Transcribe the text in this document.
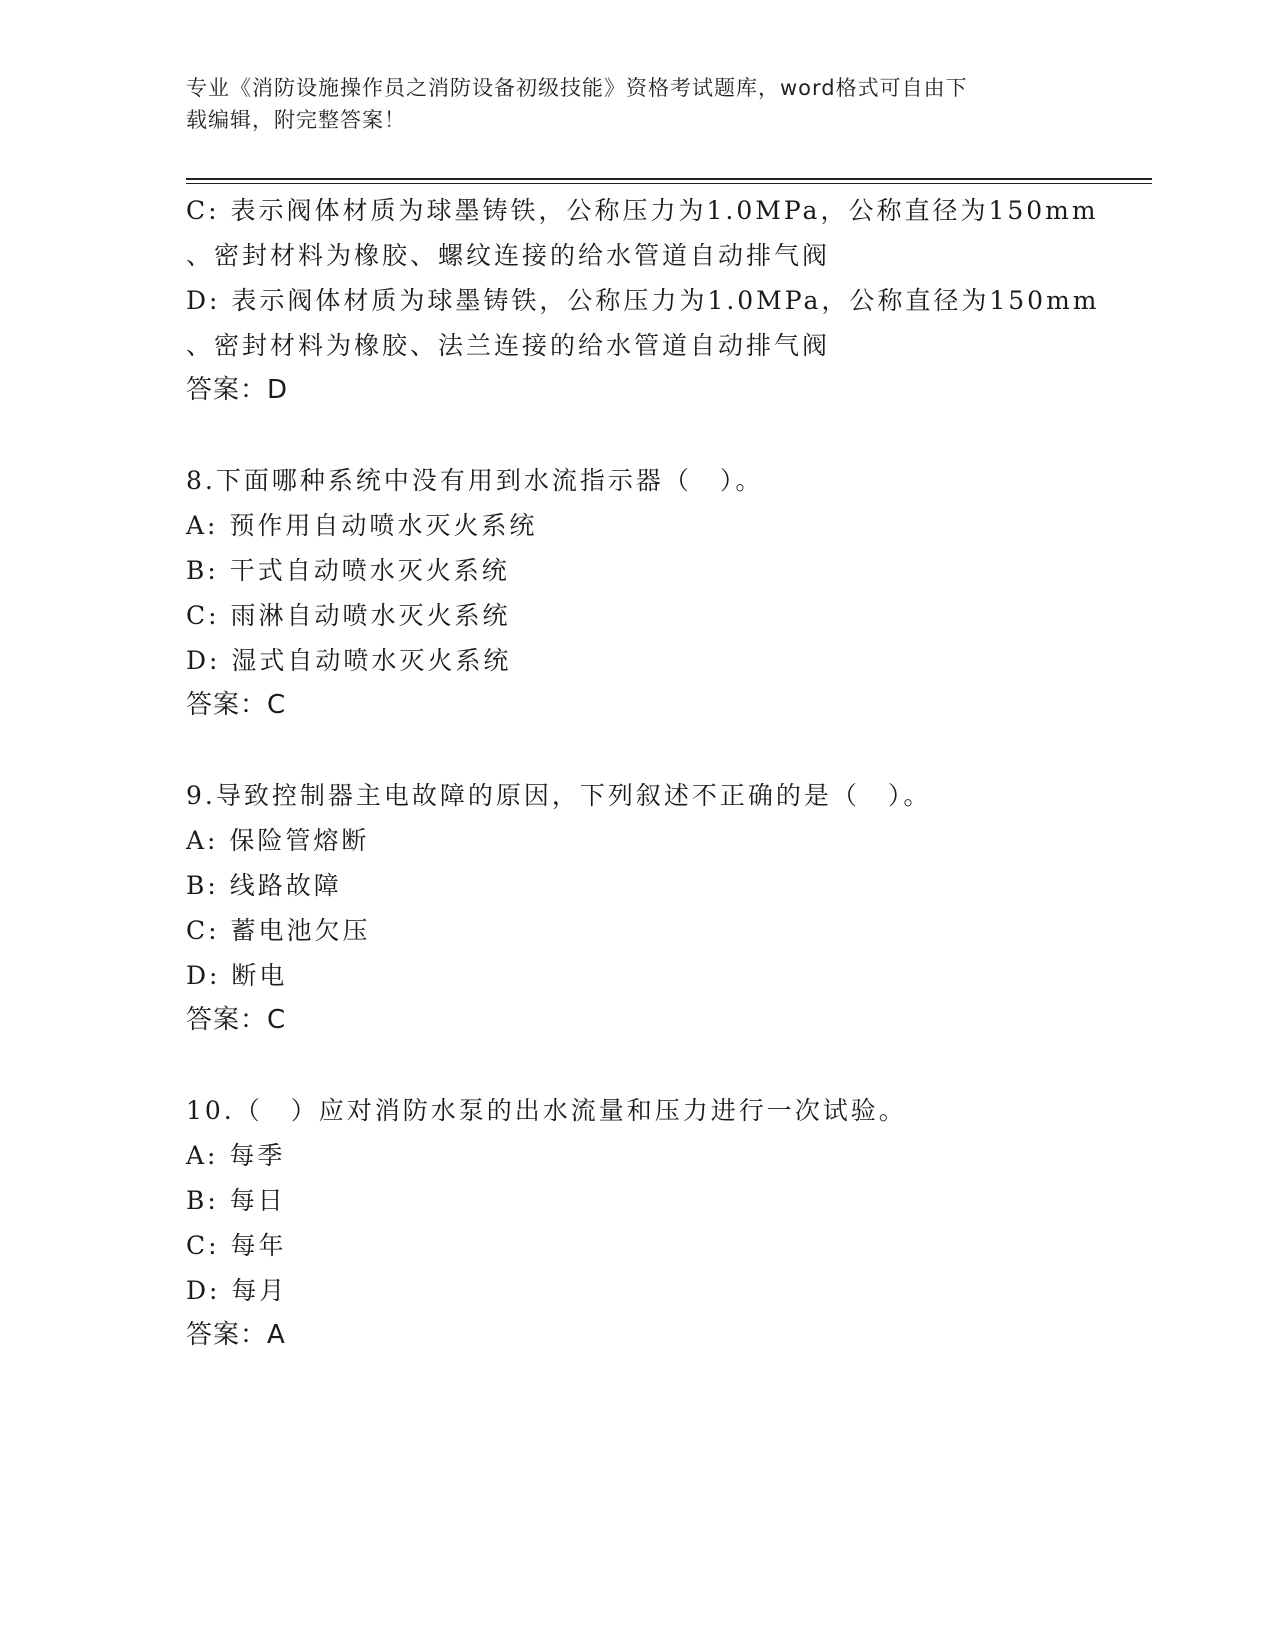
专业《消防设施操作员之消防设备初级技能》资格考试题库，word格式可自由下
载编辑，附完整答案！
C: 表示阀体材质为球墨铸铁，公称压力为1.0MPa，公称直径为150mm
、密封材料为橡胶、螺纹连接的给水管道自动排气阀
D: 表示阀体材质为球墨铸铁，公称压力为1.0MPa，公称直径为150mm
、密封材料为橡胶、法兰连接的给水管道自动排气阀
答案：D
8.下面哪种系统中没有用到水流指示器（　）。
A: 预作用自动喷水灭火系统
B: 干式自动喷水灭火系统
C: 雨淋自动喷水灭火系统
D: 湿式自动喷水灭火系统
答案：C
9.导致控制器主电故障的原因，下列叙述不正确的是（　）。
A: 保险管熔断
B: 线路故障
C: 蓄电池欠压
D: 断电
答案：C
10.（　）应对消防水泵的出水流量和压力进行一次试验。
A: 每季
B: 每日
C: 每年
D: 每月
答案：A
